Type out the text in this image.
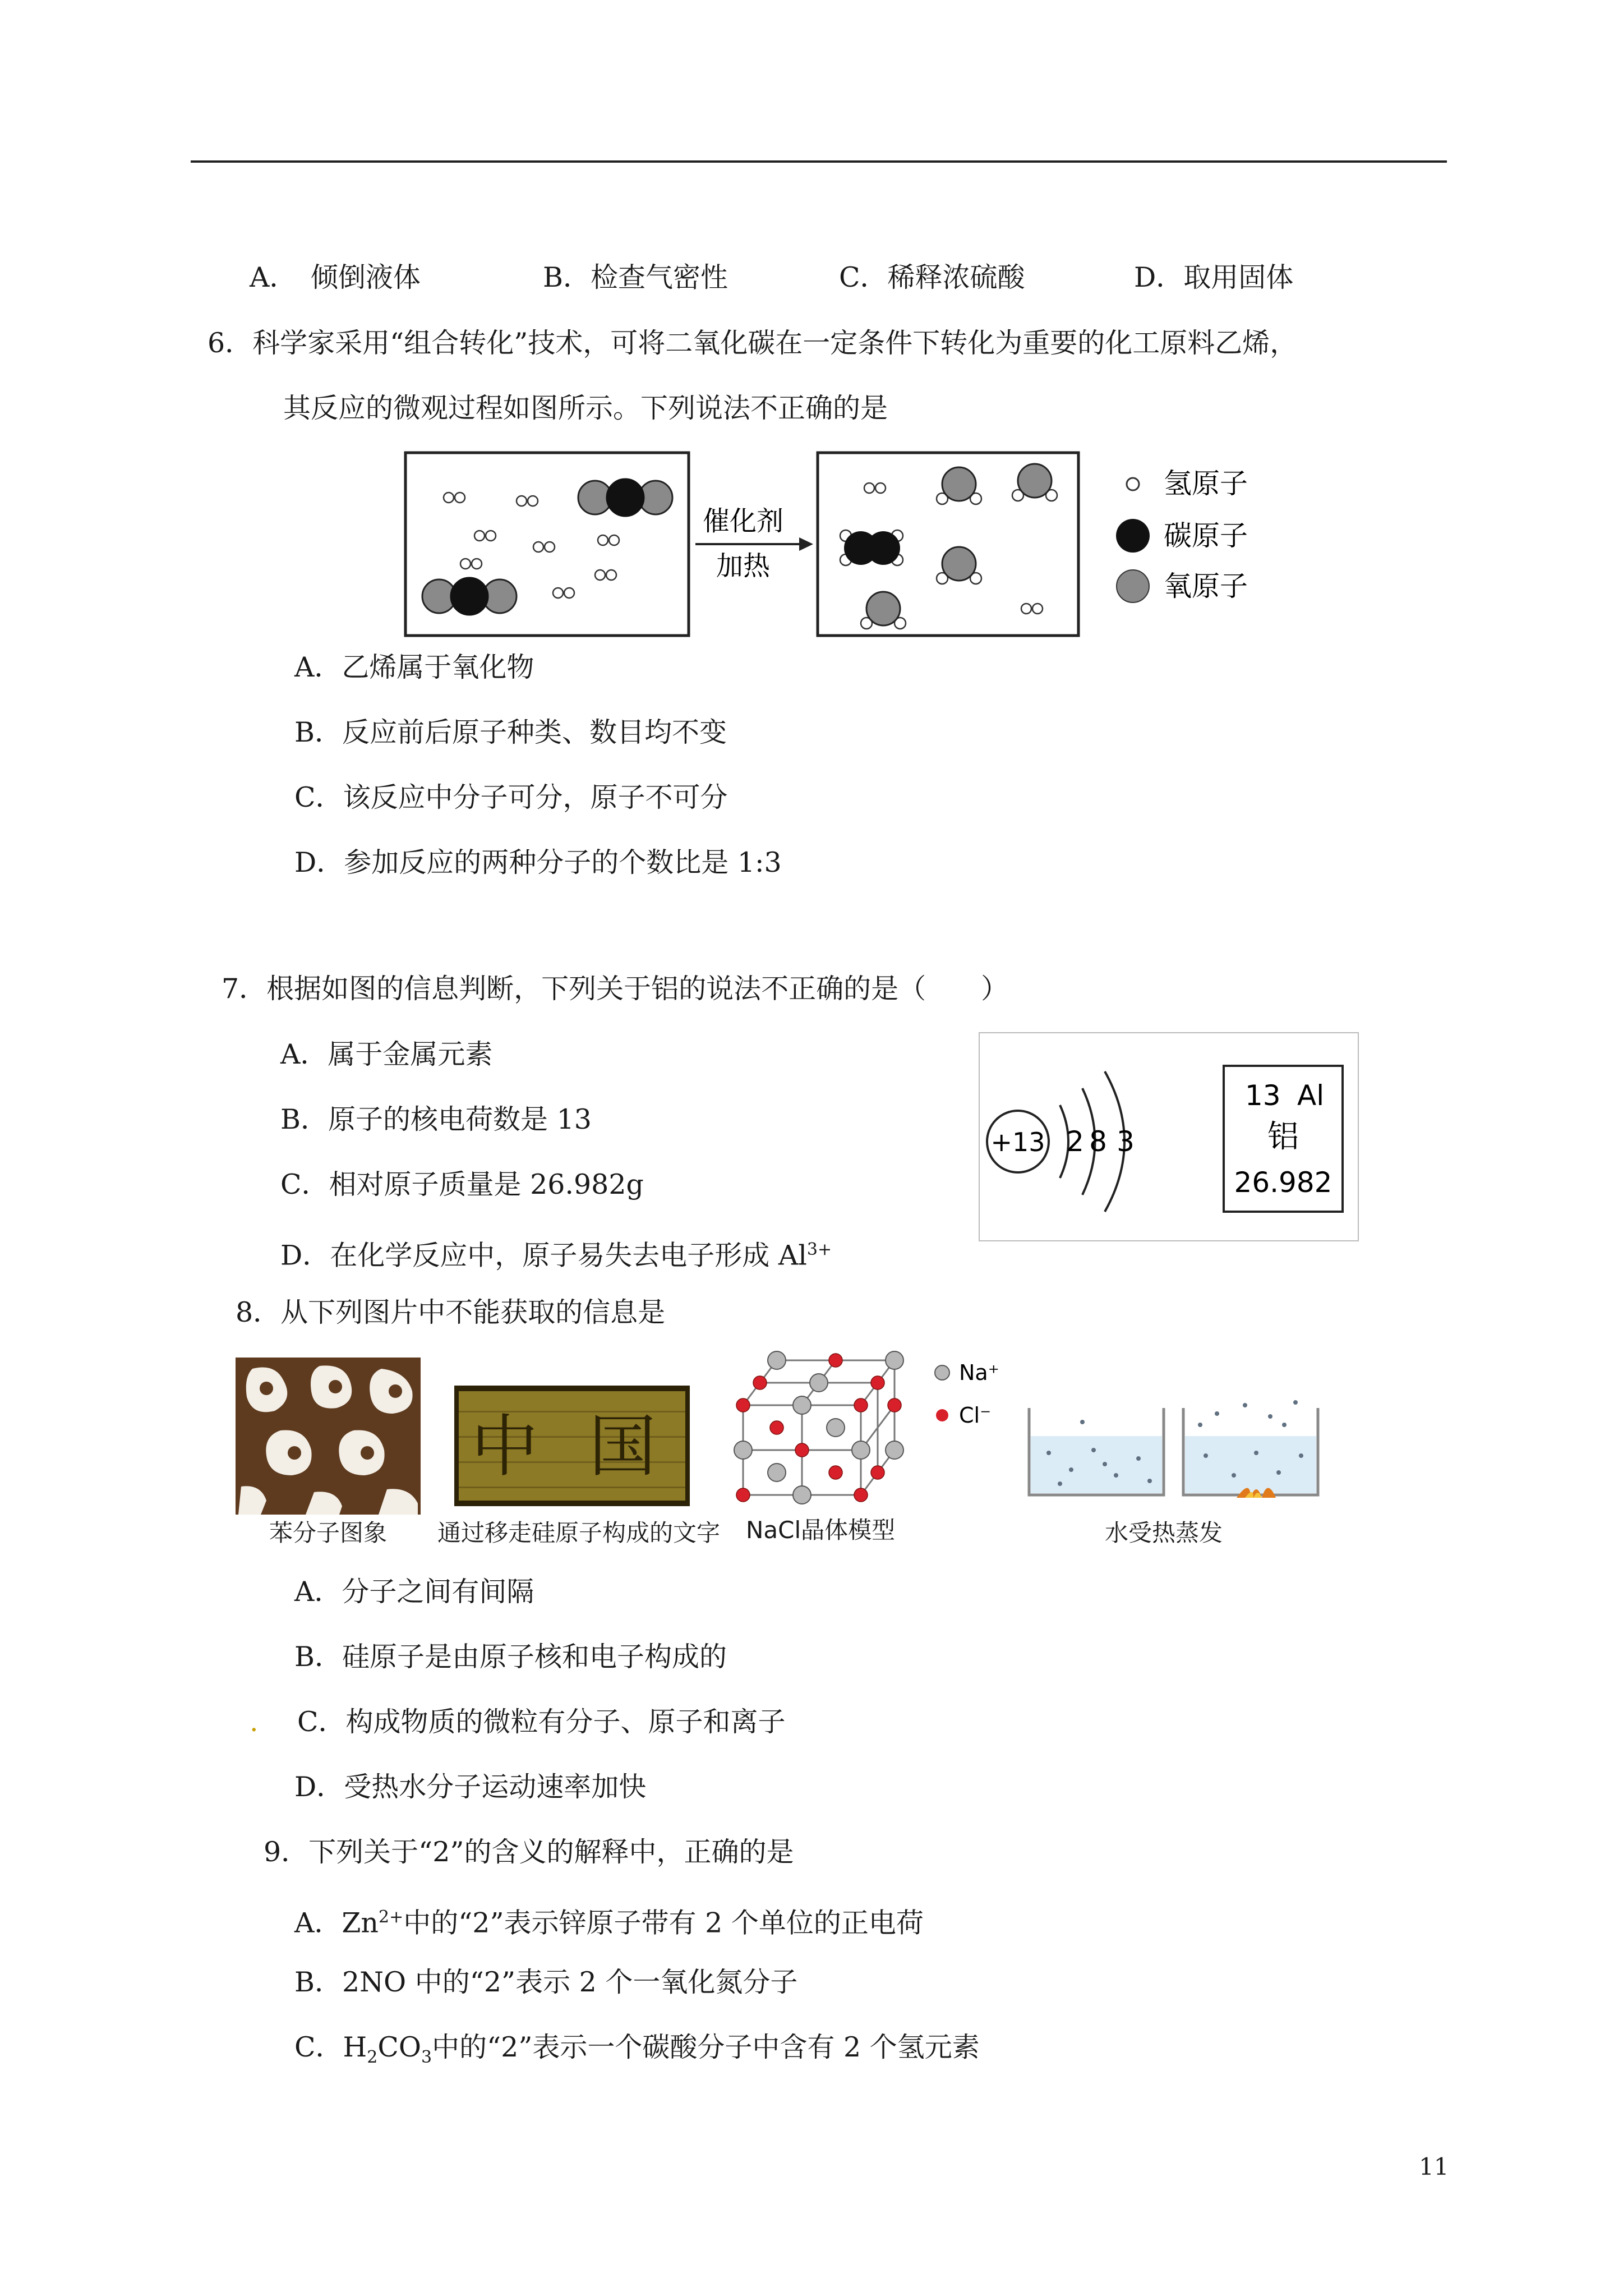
A．　倾倒液体	B．检查气密性	C．稀释浓硫酸	D．取用固体
6．科学家采用“组合转化”技术，可将二氧化碳在一定条件下转化为重要的化工原料乙烯，
其反应的微观过程如图所示。下列说法不正确的是
催化剂
加热
氢原子
碳原子
氧原子
A．乙烯属于氧化物
B．反应前后原子种类、数目均不变
C．该反应中分子可分，原子不可分
D．参加反应的两种分子的个数比是 1:3
7．根据如图的信息判断，下列关于铝的说法不正确的是（　　）
A．属于金属元素
B．原子的核电荷数是 13
C．相对原子质量是 26.982g
D．在化学反应中，原子易失去电子形成 $Al^{3+}$
+13 2 8 3
13 Al
铝
26.982
8．从下列图片中不能获取的信息是
中 国
Na⁺
Cl⁻
苯分子图象 通过移走硅原子构成的文字 NaCl晶体模型	水受热蒸发
A．分子之间有间隔
B．硅原子是由原子核和电子构成的
. C．构成物质的微粒有分子、原子和离子
D．受热水分子运动速率加快
9．下列关于“2”的含义的解释中，正确的是
A．$Zn^{2+}$中的“2”表示锌原子带有 2 个单位的正电荷
B．2NO 中的“2”表示 2 个一氧化氮分子
C．$H_2CO_3$中的“2”表示一个碳酸分子中含有 2 个氢元素
11
